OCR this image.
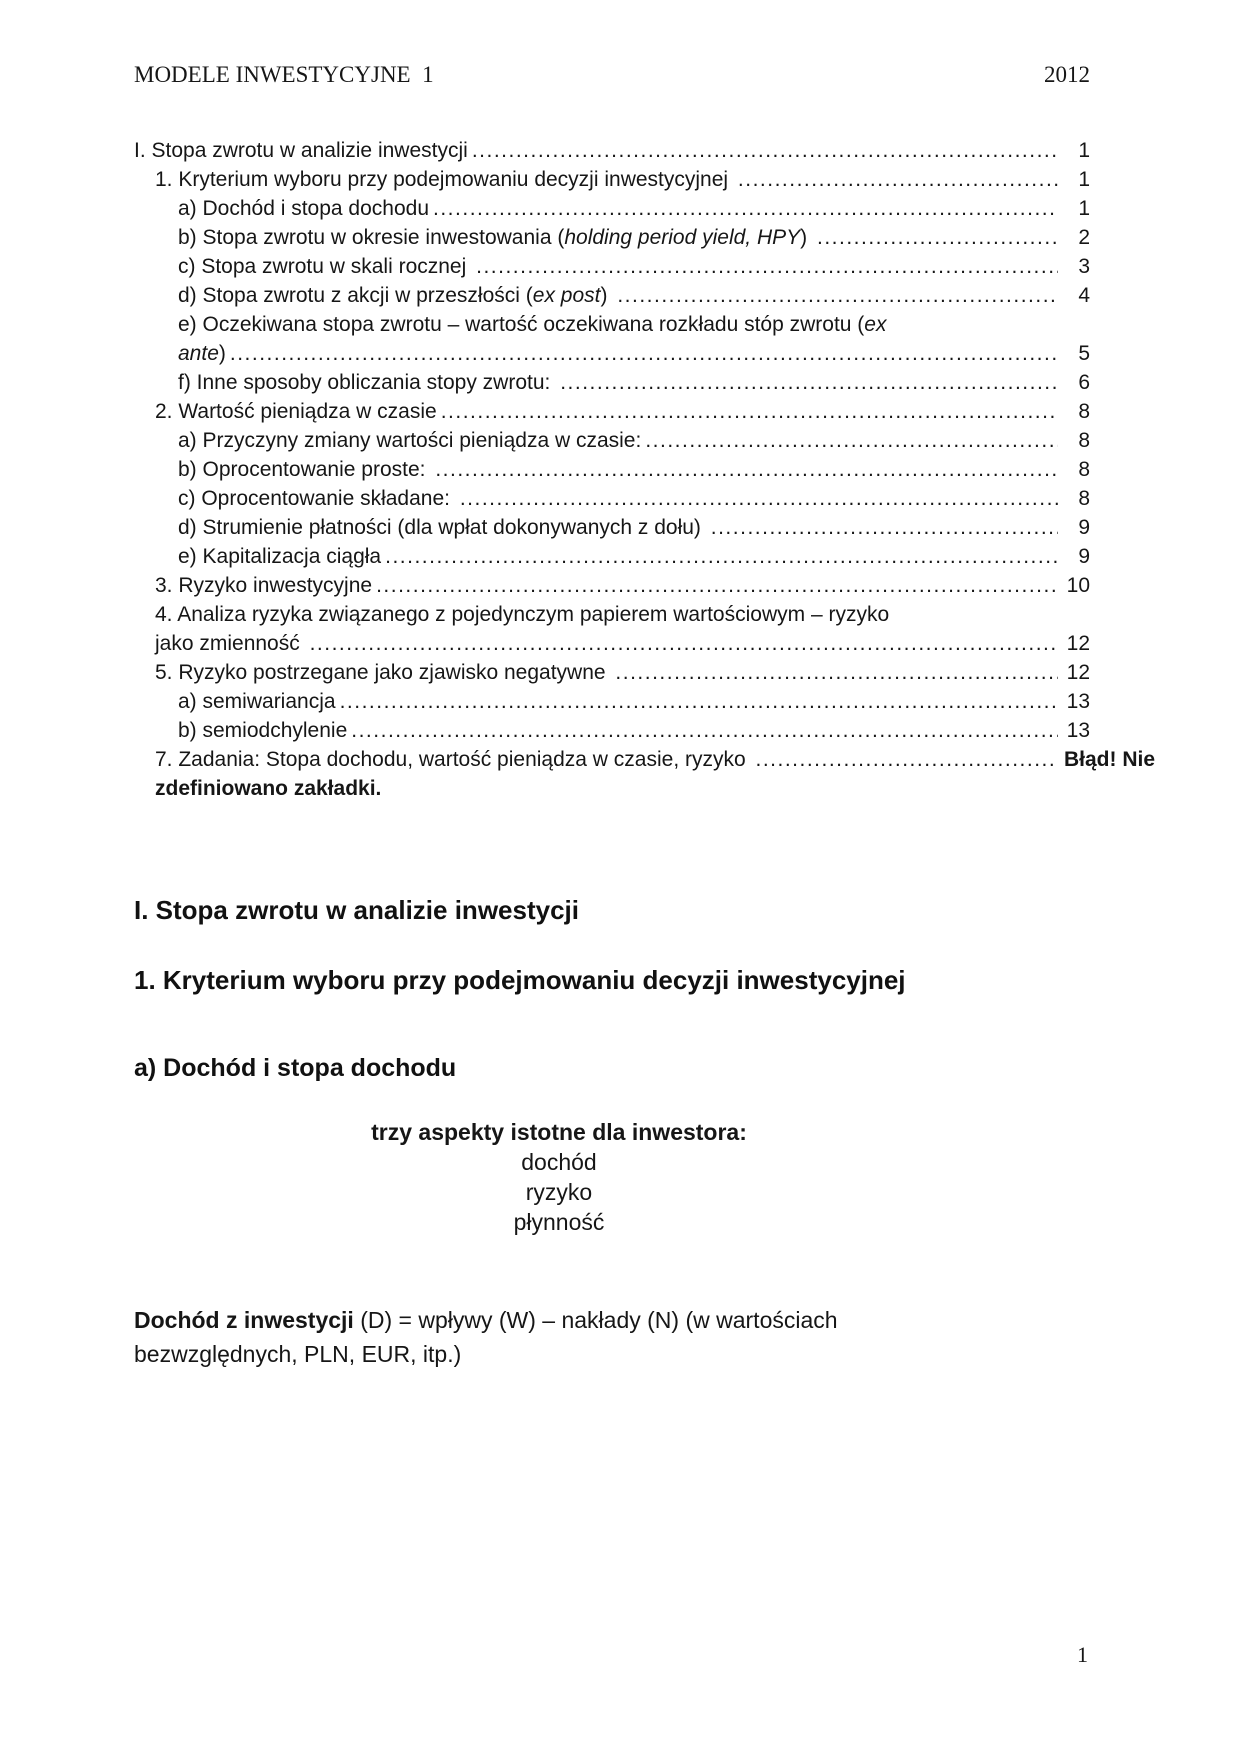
MODELE INWESTYCYJNE  1	2012
I. Stopa zwrotu w analizie inwestycji .....	1
1. Kryterium wyboru przy podejmowaniu decyzji inwestycyjnej .....	1
a) Dochód i stopa dochodu .....	1
b) Stopa zwrotu w okresie inwestowania (holding period yield, HPY) .....	2
c) Stopa zwrotu w skali rocznej .....	3
d) Stopa zwrotu z akcji w przeszłości (ex post) .....	4
e) Oczekiwana stopa zwrotu – wartość oczekiwana rozkładu stóp zwrotu (ex
ante) .....	5
f) Inne sposoby obliczania stopy zwrotu: .....	6
2. Wartość pieniądza w czasie .....	8
a) Przyczyny zmiany wartości pieniądza w czasie: .....	8
b) Oprocentowanie proste: .....	8
c) Oprocentowanie składane: .....	8
d) Strumienie płatności (dla wpłat dokonywanych z dołu) .....	9
e) Kapitalizacja ciągła .....	9
3. Ryzyko inwestycyjne .....	10
4. Analiza ryzyka związanego z pojedynczym papierem wartościowym – ryzyko
jako zmienność .....	12
5. Ryzyko postrzegane jako zjawisko negatywne .....	12
a) semiwariancja .....	13
b) semiodchylenie .....	13
7. Zadania: Stopa dochodu, wartość pieniądza w czasie, ryzyko .....	Błąd! Nie
zdefiniowano zakładki.
I. Stopa zwrotu w analizie inwestycji
1. Kryterium wyboru przy podejmowaniu decyzji inwestycyjnej
a) Dochód i stopa dochodu
trzy aspekty istotne dla inwestora:
dochód
ryzyko
płynność

Dochód z inwestycji (D) = wpływy (W) – nakłady (N) (w wartościach bezwzględnych, PLN, EUR, itp.)

1
